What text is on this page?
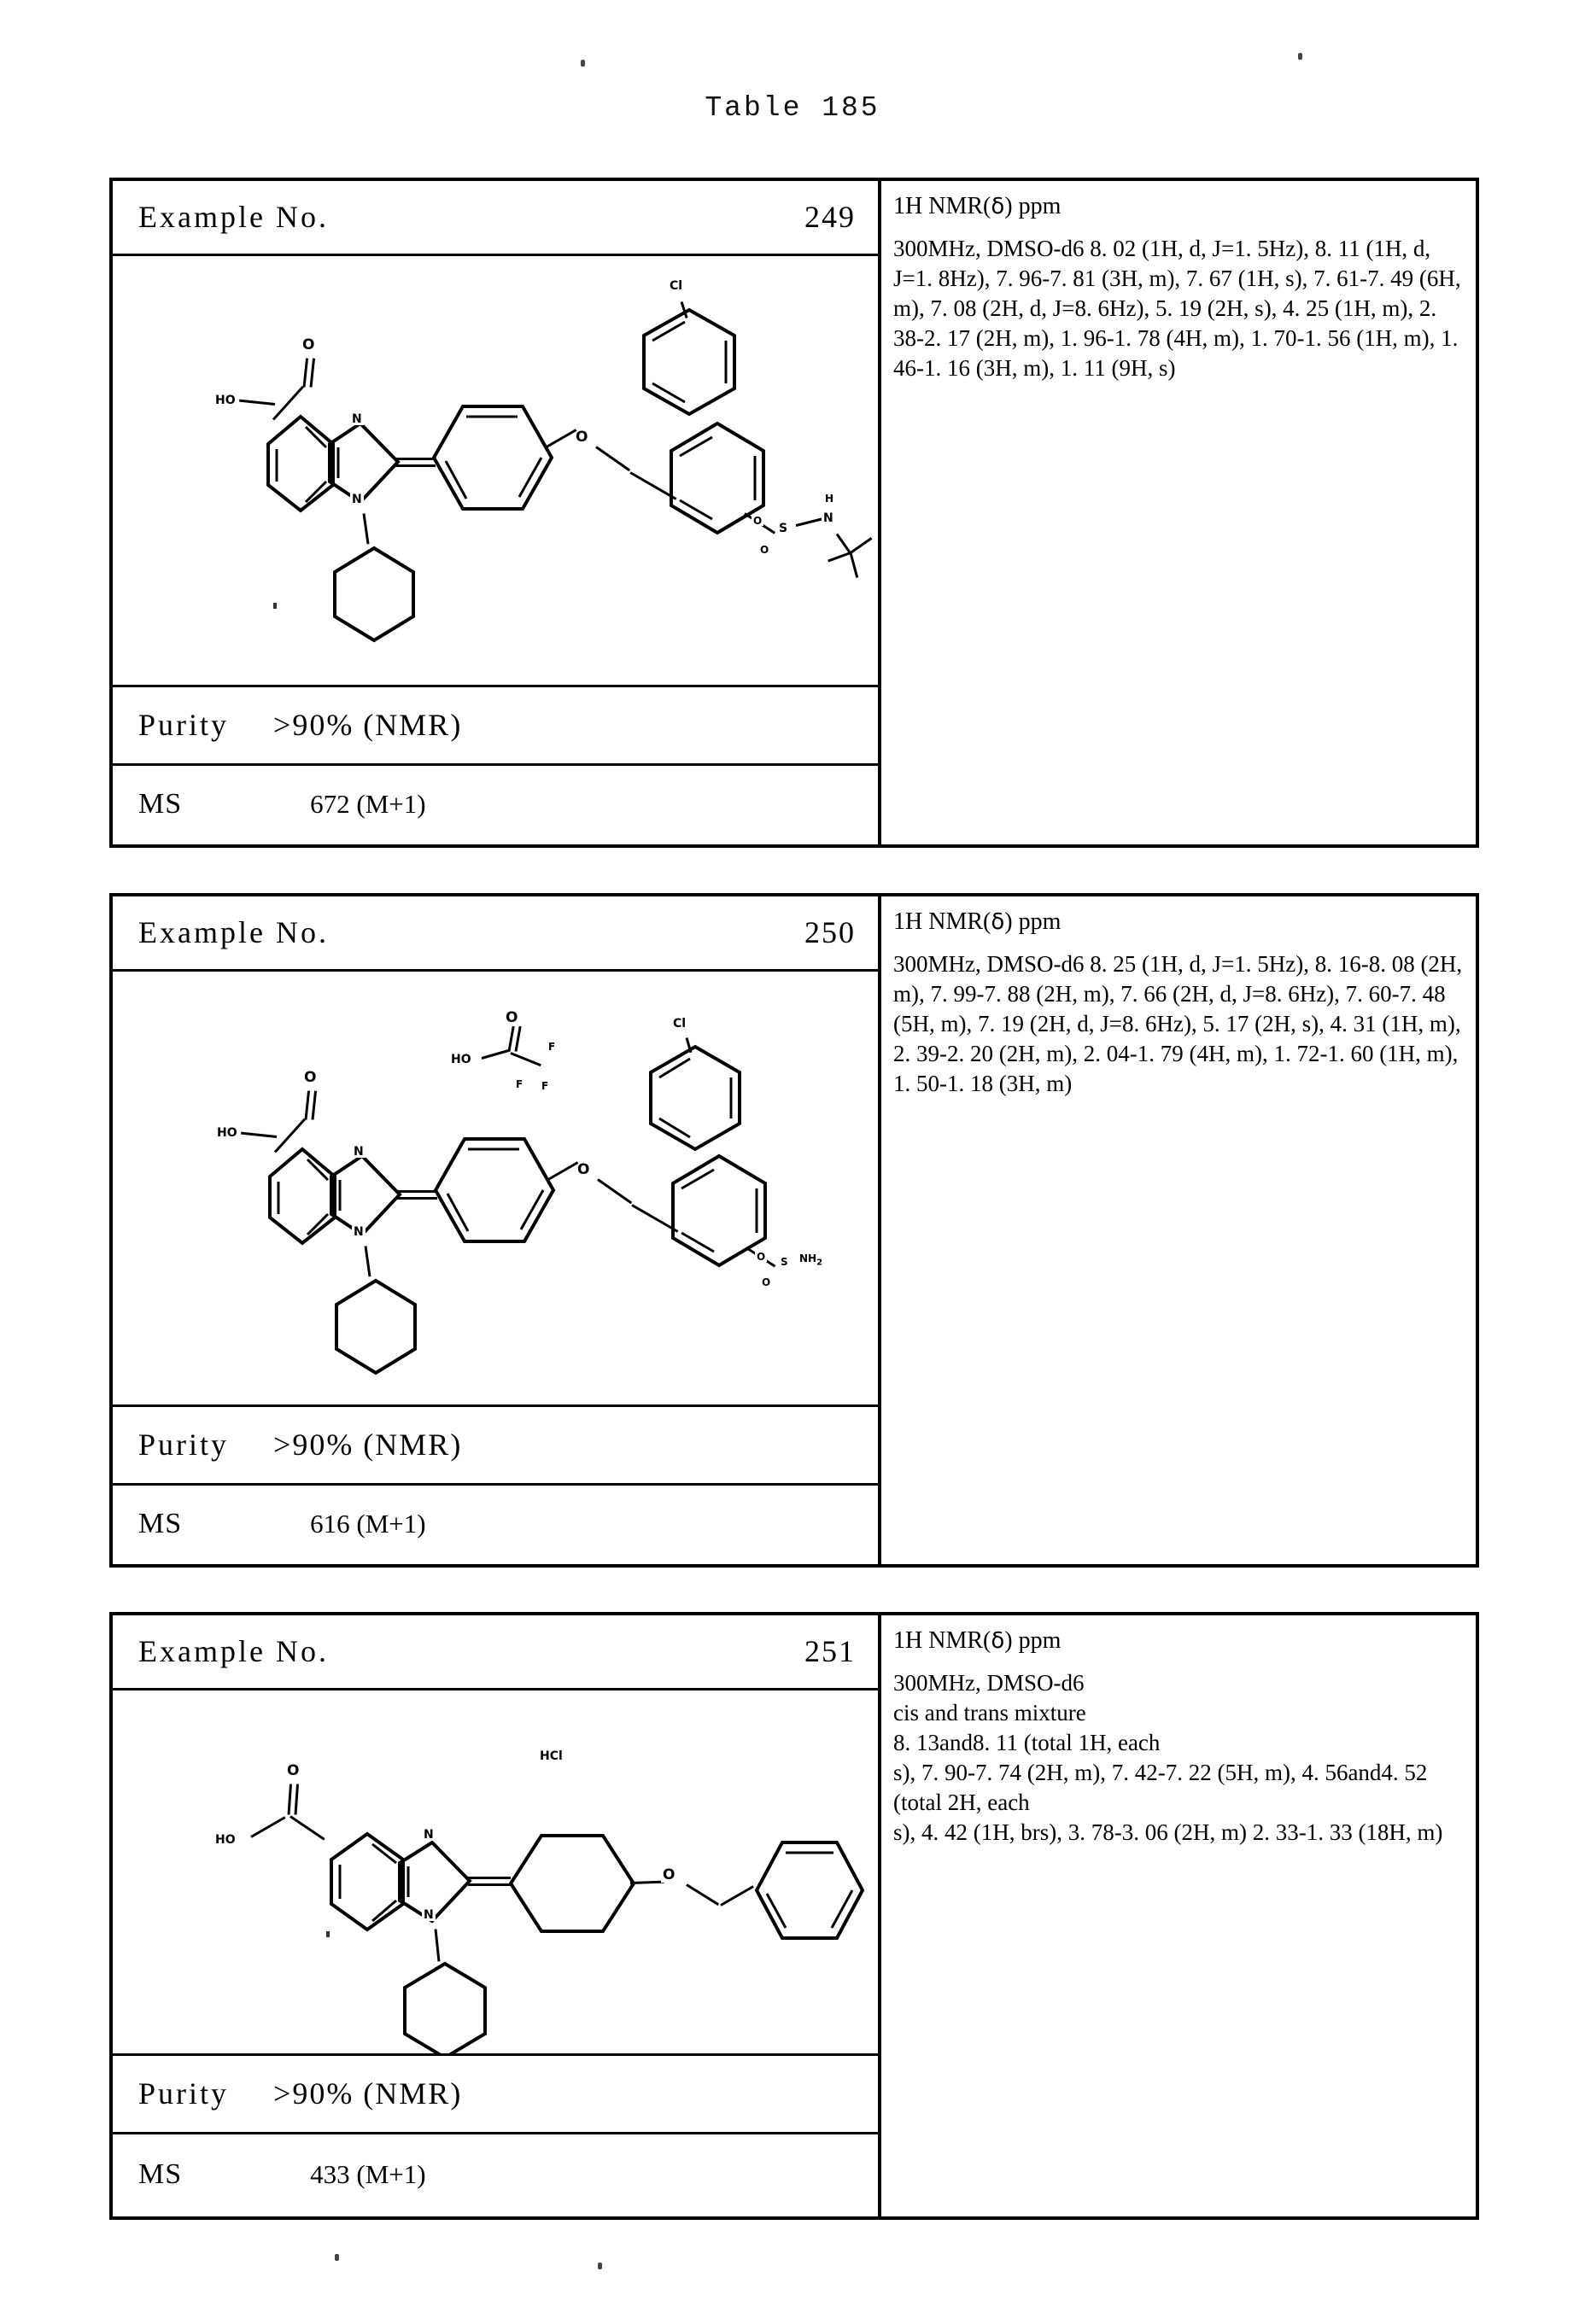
Table 185
Example No.	249
Cl
O
N
N
O
HO
S
O
O
N
H
Purity >90% (NMR)
MS	672 (M+1)
1H NMR(δ) ppm
300MHz, DMSO-d6 8. 02 (1H, d, J=1. 5Hz), 8. 11 (1H, d, J=1. 8Hz), 7. 96-7. 81 (3H, m), 7. 67 (1H, s), 7. 61-7. 49 (6H, m), 7. 08 (2H, d, J=8. 6Hz), 5. 19 (2H, s), 4. 25 (1H, m), 2. 38-2. 17 (2H, m), 1. 96-1. 78 (4H, m), 1. 70-1. 56 (1H, m), 1. 46-1. 16 (3H, m), 1. 11 (9H, s)
Example No.	250
HO
O
F
F F
Cl
O
N
N
O
HO
S
O
O
$NH_2$
Purity >90% (NMR)
MS	616 (M+1)
1H NMR(δ) ppm
300MHz, DMSO-d6 8. 25 (1H, d, J=1. 5Hz), 8. 16-8. 08 (2H, m), 7. 99-7. 88 (2H, m), 7. 66 (2H, d, J=8. 6Hz), 7. 60-7. 48 (5H, m), 7. 19 (2H, d, J=8. 6Hz), 5. 17 (2H, s), 4. 31 (1H, m), 2. 39-2. 20 (2H, m), 2. 04-1. 79 (4H, m), 1. 72-1. 60 (1H, m), 1. 50-1. 18 (3H, m)
Example No.	251
HCl
HO
O
N
N
O
Purity >90% (NMR)
MS	433 (M+1)
1H NMR(δ) ppm
300MHz, DMSO-d6
cis and trans mixture
8. 13and8. 11 (total 1H, each
s), 7. 90-7. 74 (2H, m), 7. 42-7. 22 (5H, m), 4. 56and4. 52 (total 2H, each
s), 4. 42 (1H, brs), 3. 78-3. 06 (2H, m) 2. 33-1. 33 (18H, m)
